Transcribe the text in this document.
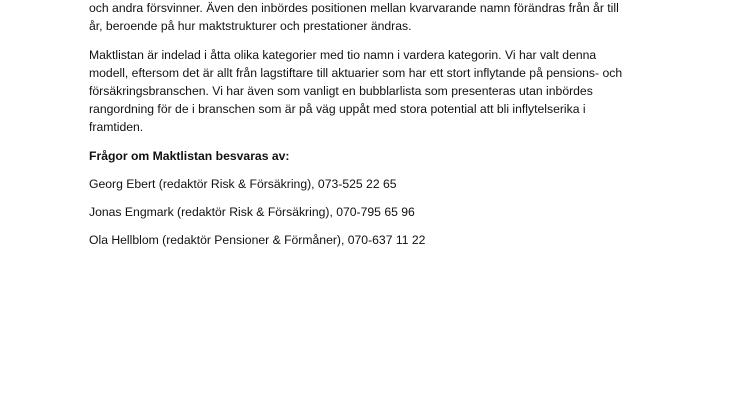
och andra försvinner. Även den inbördes positionen mellan kvarvarande namn förändras från år till
år, beroende på hur maktstrukturer och prestationer ändras.

Maktlistan är indelad i åtta olika kategorier med tio namn i vardera kategorin. Vi har valt denna
modell, eftersom det är allt från lagstiftare till aktuarier som har ett stort inflytande på pensions- och
försäkringsbranschen. Vi har även som vanligt en bubblarlista som presenteras utan inbördes
rangordning för de i branschen som är på väg uppåt med stora potential att bli inflytelserika i
framtiden.

Frågor om Maktlistan besvaras av:

Georg Ebert (redaktör Risk & Försäkring), 073-525 22 65

Jonas Engmark (redaktör Risk & Försäkring), 070-795 65 96

Ola Hellblom (redaktör Pensioner & Förmåner), 070-637 11 22
